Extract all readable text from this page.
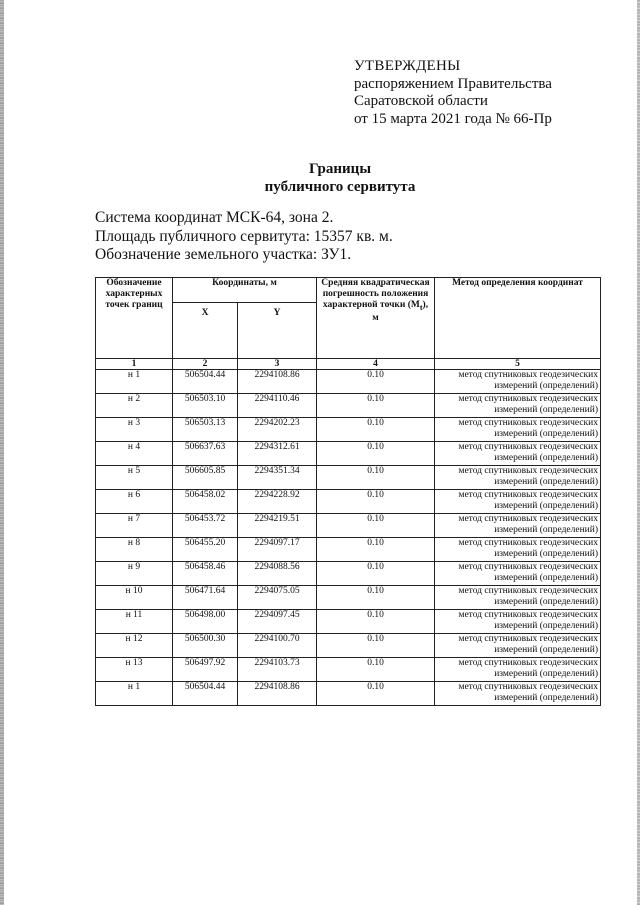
УТВЕРЖДЕНЫ
распоряжением Правительства
Саратовской области
от 15 марта 2021 года № 66-Пр
Границы
публичного сервитута
Система координат МСК-64, зона 2.
Площадь публичного сервитута: 15357 кв. м.
Обозначение земельного участка: ЗУ1.
Обозначение характерных точек границ	Координаты, м		Средняя квадратическая погрешность положения характерной точки $(М_t)$, м	Метод определения координат
	X	Y		
1	2	3	4	5
н 1	506504.44	2294108.86	0.10	метод спутниковых геодезических измерений (определений)
н 2	506503.10	2294110.46	0.10	метод спутниковых геодезических измерений (определений)
н 3	506503.13	2294202.23	0.10	метод спутниковых геодезических измерений (определений)
н 4	506637.63	2294312.61	0.10	метод спутниковых геодезических измерений (определений)
н 5	506605.85	2294351.34	0.10	метод спутниковых геодезических измерений (определений)
н 6	506458.02	2294228.92	0.10	метод спутниковых геодезических измерений (определений)
н 7	506453.72	2294219.51	0.10	метод спутниковых геодезических измерений (определений)
н 8	506455.20	2294097.17	0.10	метод спутниковых геодезических измерений (определений)
н 9	506458.46	2294088.56	0.10	метод спутниковых геодезических измерений (определений)
н 10	506471.64	2294075.05	0.10	метод спутниковых геодезических измерений (определений)
н 11	506498.00	2294097.45	0.10	метод спутниковых геодезических измерений (определений)
н 12	506500.30	2294100.70	0.10	метод спутниковых геодезических измерений (определений)
н 13	506497.92	2294103.73	0.10	метод спутниковых геодезических измерений (определений)
н 1	506504.44	2294108.86	0.10	метод спутниковых геодезических измерений (определений)
